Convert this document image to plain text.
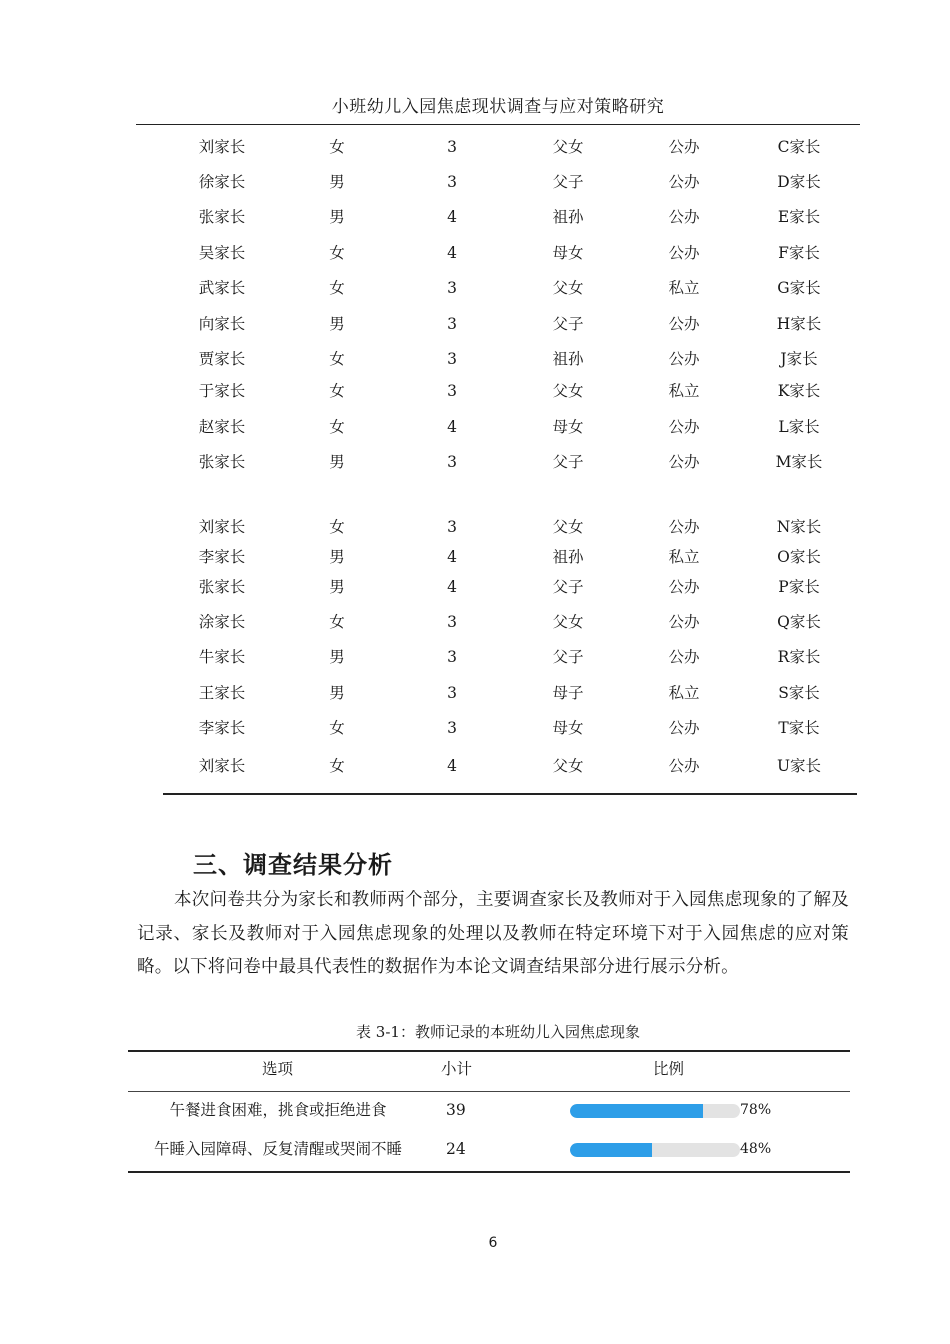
小班幼儿入园焦虑现状调查与应对策略研究
刘家长	女	3	父女	公办	C家长
徐家长	男	3	父子	公办	D家长
张家长	男	4	祖孙	公办	E家长
吴家长	女	4	母女	公办	F家长
武家长	女	3	父女	私立	G家长
向家长	男	3	父子	公办	H家长
贾家长	女	3	祖孙	公办	J家长
于家长	女	3	父女	私立	K家长
赵家长	女	4	母女	公办	L家长
张家长	男	3	父子	公办	M家长
刘家长	女	3	父女	公办	N家长
李家长	男	4	祖孙	私立	O家长
张家长	男	4	父子	公办	P家长
涂家长	女	3	父女	公办	Q家长
牛家长	男	3	父子	公办	R家长
王家长	男	3	母子	私立	S家长
李家长	女	3	母女	公办	T家长
刘家长	女	4	父女	公办	U家长
三、调查结果分析
本次问卷共分为家长和教师两个部分，主要调查家长及教师对于入园焦虑现象的了解及记录、家长及教师对于入园焦虑现象的处理以及教师在特定环境下对于入园焦虑的应对策略。以下将问卷中最具代表性的数据作为本论文调查结果部分进行展示分析。
表 3-1：教师记录的本班幼儿入园焦虑现象
选项	小计	比例
午餐进食困难，挑食或拒绝进食	39	78%
午睡入园障碍、反复清醒或哭闹不睡	24	48%
6
